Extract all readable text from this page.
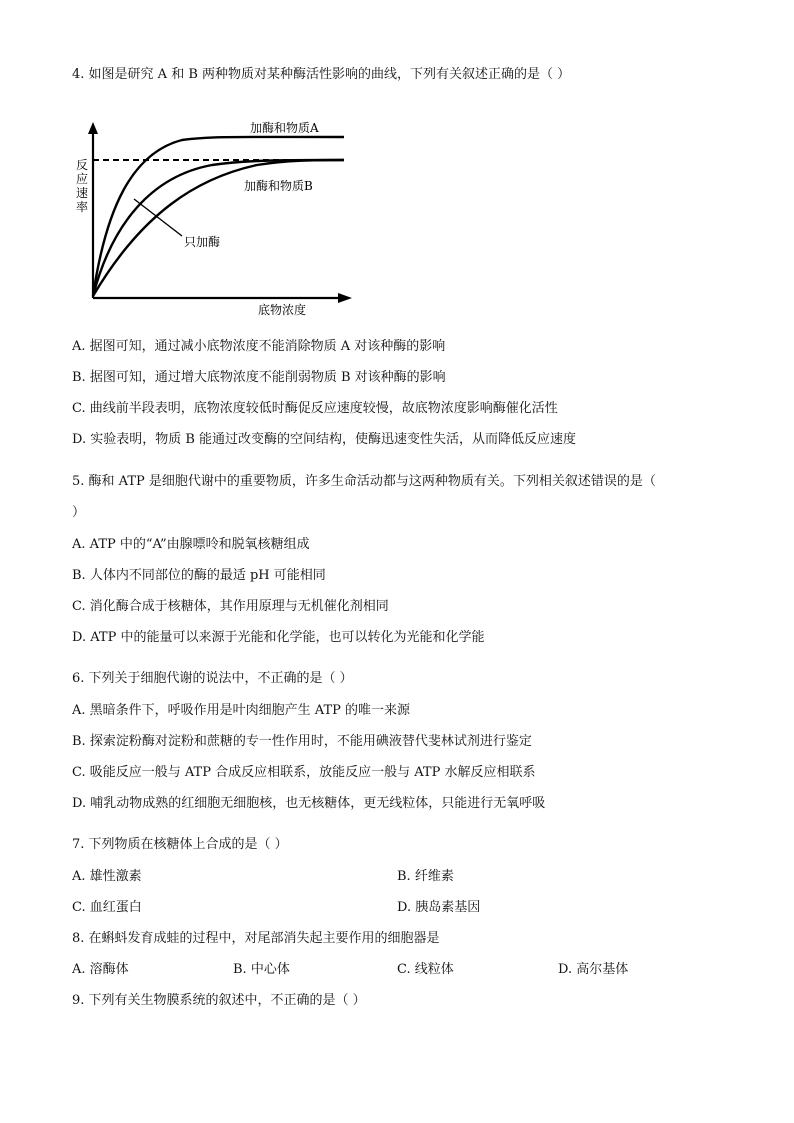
4. 如图是研究 A 和 B 两种物质对某种酶活性影响的曲线，下列有关叙述正确的是（ ）
反
应
速
率
底物浓度
加酶和物质A
加酶和物质B
只加酶
A. 据图可知，通过减小底物浓度不能消除物质 A 对该种酶的影响
B. 据图可知，通过增大底物浓度不能削弱物质 B 对该种酶的影响
C. 曲线前半段表明，底物浓度较低时酶促反应速度较慢，故底物浓度影响酶催化活性
D. 实验表明，物质 B 能通过改变酶的空间结构，使酶迅速变性失活，从而降低反应速度
5. 酶和 ATP 是细胞代谢中的重要物质，许多生命活动都与这两种物质有关。下列相关叙述错误的是（
）
A. ATP 中的“A”由腺嘌呤和脱氧核糖组成
B. 人体内不同部位的酶的最适 pH 可能相同
C. 消化酶合成于核糖体，其作用原理与无机催化剂相同
D. ATP 中的能量可以来源于光能和化学能，也可以转化为光能和化学能
6. 下列关于细胞代谢的说法中，不正确的是（ ）
A. 黑暗条件下，呼吸作用是叶肉细胞产生 ATP 的唯一来源
B. 探索淀粉酶对淀粉和蔗糖的专一性作用时，不能用碘液替代斐林试剂进行鉴定
C. 吸能反应一般与 ATP 合成反应相联系，放能反应一般与 ATP 水解反应相联系
D. 哺乳动物成熟的红细胞无细胞核，也无核糖体，更无线粒体，只能进行无氧呼吸
7. 下列物质在核糖体上合成的是（ ）
A. 雄性激素	B. 纤维素
C. 血红蛋白	D. 胰岛素基因
8. 在蝌蚪发育成蛙的过程中，对尾部消失起主要作用的细胞器是
A. 溶酶体	B. 中心体	C. 线粒体	D. 高尔基体
9. 下列有关生物膜系统的叙述中，不正确的是（ ）
